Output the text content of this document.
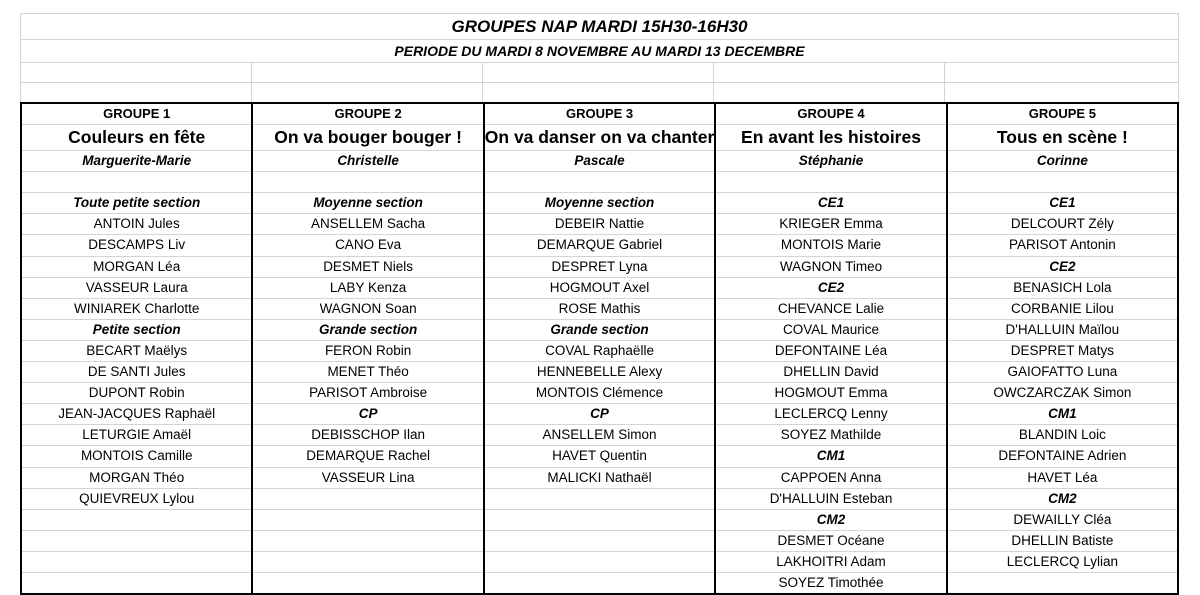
GROUPES NAP MARDI 15H30-16H30
PERIODE DU MARDI 8 NOVEMBRE AU MARDI 13 DECEMBRE
GROUPE 1
Couleurs en fête
Marguerite-Marie
Toute petite section
ANTOIN Jules
DESCAMPS Liv
MORGAN Léa
VASSEUR Laura
WINIAREK Charlotte
Petite section
BECART Maëlys
DE SANTI Jules
DUPONT Robin
JEAN-JACQUES Raphaël
LETURGIE Amaël
MONTOIS Camille
MORGAN Théo
QUIEVREUX Lylou
GROUPE 2
On va bouger bouger !
Christelle
Moyenne section
ANSELLEM Sacha
CANO Eva
DESMET Niels
LABY Kenza
WAGNON Soan
Grande section
FERON Robin
MENET Théo
PARISOT Ambroise
CP
DEBISSCHOP Ilan
DEMARQUE Rachel
VASSEUR Lina
GROUPE 3
On va danser on va chanter
Pascale
Moyenne section
DEBEIR Nattie
DEMARQUE Gabriel
DESPRET Lyna
HOGMOUT Axel
ROSE Mathis
Grande section
COVAL Raphaëlle
HENNEBELLE Alexy
MONTOIS Clémence
CP
ANSELLEM Simon
HAVET Quentin
MALICKI Nathaël
GROUPE 4
En avant les histoires
Stéphanie
CE1
KRIEGER Emma
MONTOIS Marie
WAGNON Timeo
CE2
CHEVANCE Lalie
COVAL Maurice
DEFONTAINE Léa
DHELLIN David
HOGMOUT Emma
LECLERCQ Lenny
SOYEZ Mathilde
CM1
CAPPOEN Anna
D'HALLUIN Esteban
CM2
DESMET Océane
LAKHOITRI Adam
SOYEZ Timothée
GROUPE 5
Tous en scène !
Corinne
CE1
DELCOURT Zély
PARISOT Antonin
CE2
BENASICH Lola
CORBANIE Lilou
D'HALLUIN Maïlou
DESPRET Matys
GAIOFATTO Luna
OWCZARCZAK Simon
CM1
BLANDIN Loic
DEFONTAINE Adrien
HAVET Léa
CM2
DEWAILLY Cléa
DHELLIN Batiste
LECLERCQ Lylian
